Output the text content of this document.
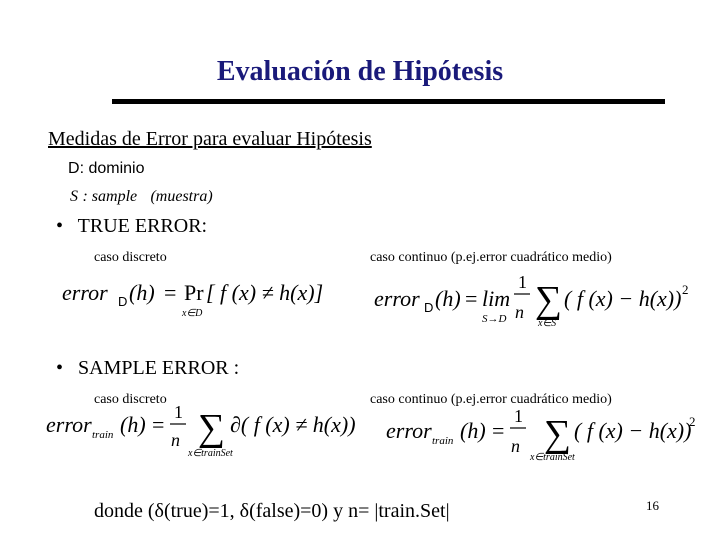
Evaluación de Hipótesis
Medidas de Error para evaluar Hipótesis
D: dominio
S : sample (muestra)
• TRUE ERROR:
caso discreto	caso continuo (p.ej.error cuadrático medio)
error D (h) = Pr
x∈D
[ f (x) ≠ h(x)] error D (h) = lim
S→D
1
n ∑
x∈S
( f (x) − h(x)) 2
• SAMPLE ERROR :
caso discreto	caso continuo (p.ej.error cuadrático medio)
error train (h) = 1
n ∑
x∈trainSet
∂( f (x) ≠ h(x)) error train (h) =
1
n ∑
x∈trainSet
( f (x) − h(x))
2
donde (δ(true)=1, δ(false)=0) y n= |train.Set|	16
